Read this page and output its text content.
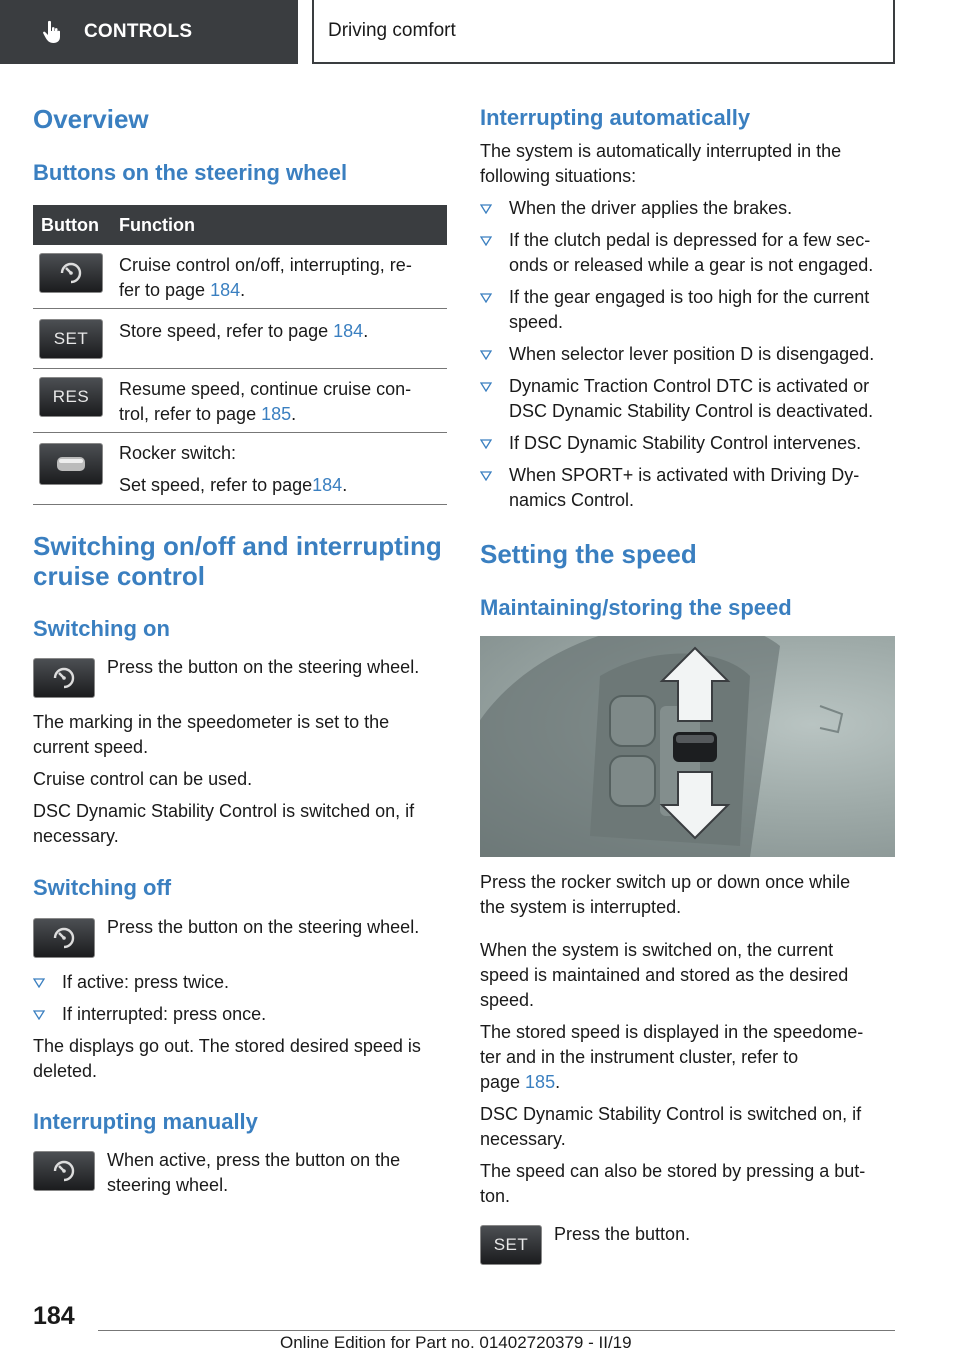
CONTROLS	Driving comfort
Overview
Buttons on the steering wheel
Button	Function
Cruise control on/off, interrupting, re-
fer to page 184.
SET	Store speed, refer to page 184.
RES	Resume speed, continue cruise con-
trol, refer to page 185.
Rocker switch:
Set speed, refer to page184.
Switching on/off and interrupting
cruise control
Switching on
Press the button on the steering wheel.
The marking in the speedometer is set to the
current speed.
Cruise control can be used.
DSC Dynamic Stability Control is switched on, if
necessary.
Switching off
Press the button on the steering wheel.
If active: press twice.
If interrupted: press once.
The displays go out. The stored desired speed is
deleted.
Interrupting manually
When active, press the button on the
steering wheel.
Interrupting automatically
The system is automatically interrupted in the
following situations:
When the driver applies the brakes.
If the clutch pedal is depressed for a few sec-
onds or released while a gear is not engaged.
If the gear engaged is too high for the current
speed.
When selector lever position D is disengaged.
Dynamic Traction Control DTC is activated or
DSC Dynamic Stability Control is deactivated.
If DSC Dynamic Stability Control intervenes.
When SPORT+ is activated with Driving Dy-
namics Control.
Setting the speed
Maintaining/storing the speed
Press the rocker switch up or down once while
the system is interrupted.
When the system is switched on, the current
speed is maintained and stored as the desired
speed.
The stored speed is displayed in the speedome-
ter and in the instrument cluster, refer to
page 185.
DSC Dynamic Stability Control is switched on, if
necessary.
The speed can also be stored by pressing a but-
ton.
SET
Press the button.
184
Online Edition for Part no. 01402720379 - II/19
